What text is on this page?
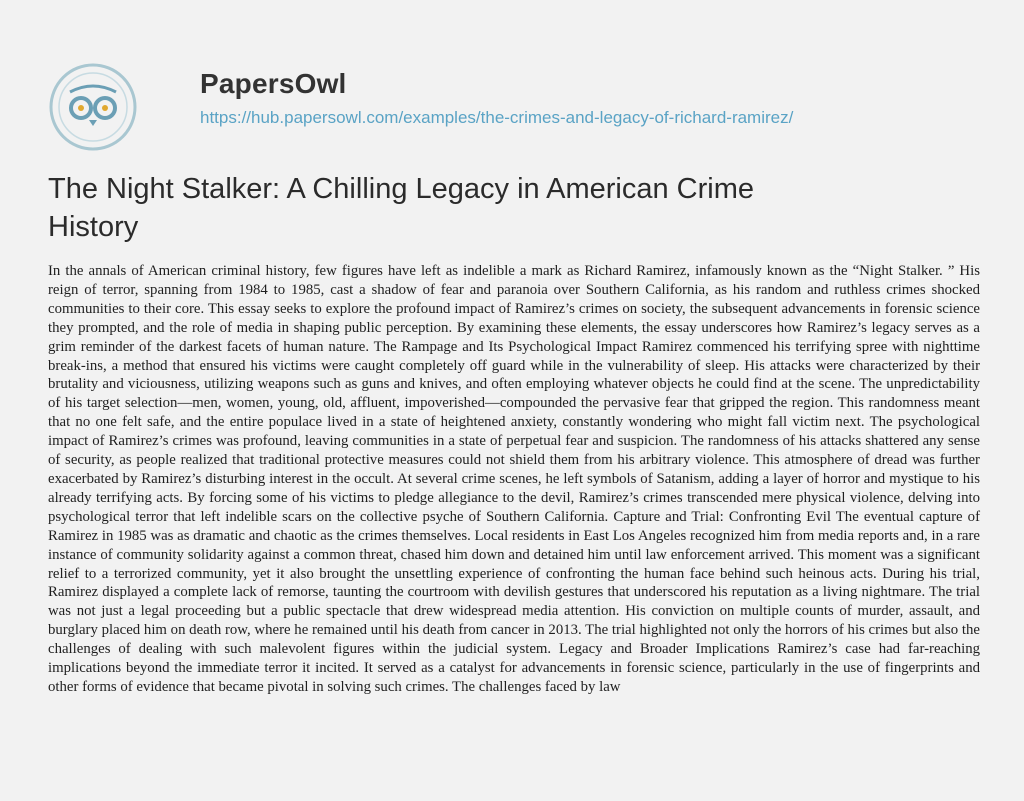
PapersOwl
https://hub.papersowl.com/examples/the-crimes-and-legacy-of-richard-ramirez/
The Night Stalker: A Chilling Legacy in American Crime History

In the annals of American criminal history, few figures have left as indelible a mark as Richard Ramirez, infamously known as the “Night Stalker. ” His reign of terror, spanning from 1984 to 1985, cast a shadow of fear and paranoia over Southern California, as his random and ruthless crimes shocked communities to their core. This essay seeks to explore the profound impact of Ramirez’s crimes on society, the subsequent advancements in forensic science they prompted, and the role of media in shaping public perception. By examining these elements, the essay underscores how Ramirez’s legacy serves as a grim reminder of the darkest facets of human nature. The Rampage and Its Psychological Impact Ramirez commenced his terrifying spree with nighttime break-ins, a method that ensured his victims were caught completely off guard while in the vulnerability of sleep. His attacks were characterized by their brutality and viciousness, utilizing weapons such as guns and knives, and often employing whatever objects he could find at the scene. The unpredictability of his target selection—men, women, young, old, affluent, impoverished—compounded the pervasive fear that gripped the region. This randomness meant that no one felt safe, and the entire populace lived in a state of heightened anxiety, constantly wondering who might fall victim next. The psychological impact of Ramirez’s crimes was profound, leaving communities in a state of perpetual fear and suspicion. The randomness of his attacks shattered any sense of security, as people realized that traditional protective measures could not shield them from his arbitrary violence. This atmosphere of dread was further exacerbated by Ramirez’s disturbing interest in the occult. At several crime scenes, he left symbols of Satanism, adding a layer of horror and mystique to his already terrifying acts. By forcing some of his victims to pledge allegiance to the devil, Ramirez’s crimes transcended mere physical violence, delving into psychological terror that left indelible scars on the collective psyche of Southern California. Capture and Trial: Confronting Evil The eventual capture of Ramirez in 1985 was as dramatic and chaotic as the crimes themselves. Local residents in East Los Angeles recognized him from media reports and, in a rare instance of community solidarity against a common threat, chased him down and detained him until law enforcement arrived. This moment was a significant relief to a terrorized community, yet it also brought the unsettling experience of confronting the human face behind such heinous acts. During his trial, Ramirez displayed a complete lack of remorse, taunting the courtroom with devilish gestures that underscored his reputation as a living nightmare. The trial was not just a legal proceeding but a public spectacle that drew widespread media attention. His conviction on multiple counts of murder, assault, and burglary placed him on death row, where he remained until his death from cancer in 2013. The trial highlighted not only the horrors of his crimes but also the challenges of dealing with such malevolent figures within the judicial system. Legacy and Broader Implications Ramirez’s case had far-reaching implications beyond the immediate terror it incited. It served as a catalyst for advancements in forensic science, particularly in the use of fingerprints and other forms of evidence that became pivotal in solving such crimes. The challenges faced by law
